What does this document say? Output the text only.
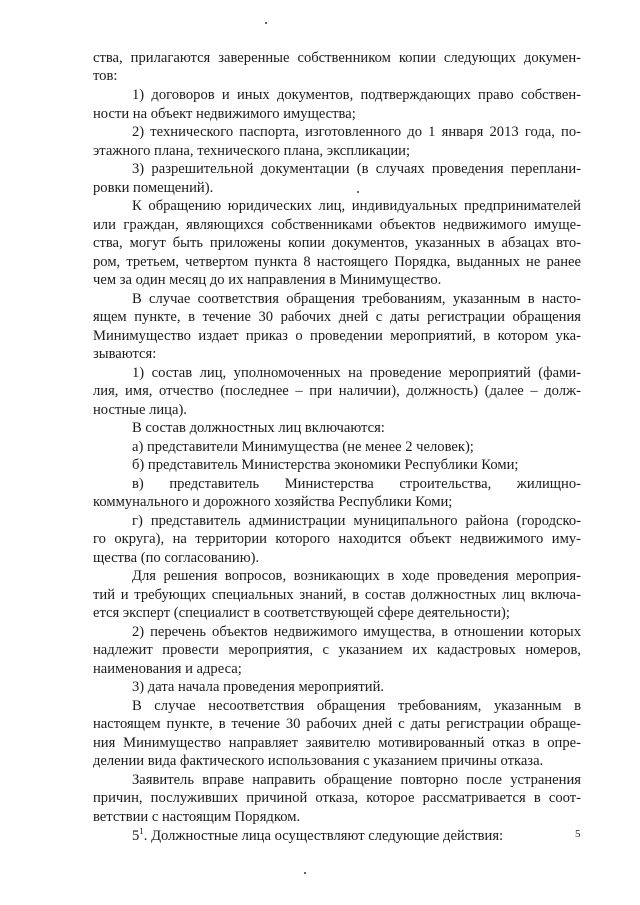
ства, прилагаются заверенные собственником копии следующих докумен-
тов:
1) договоров и иных документов, подтверждающих право собствен-
ности на объект недвижимого имущества;
2) технического паспорта, изготовленного до 1 января 2013 года, по-
этажного плана, технического плана, экспликации;
3) разрешительной документации (в случаях проведения переплани-
ровки помещений).
К обращению юридических лиц, индивидуальных предпринимателей
или граждан, являющихся собственниками объектов недвижимого имуще-
ства, могут быть приложены копии документов, указанных в абзацах вто-
ром, третьем, четвертом пункта 8 настоящего Порядка, выданных не ранее
чем за один месяц до их направления в Минимущество.
В случае соответствия обращения требованиям, указанным в насто-
ящем пункте, в течение 30 рабочих дней с даты регистрации обращения
Минимущество издает приказ о проведении мероприятий, в котором ука-
зываются:
1) состав лиц, уполномоченных на проведение мероприятий (фами-
лия, имя, отчество (последнее – при наличии), должность) (далее – долж-
ностные лица).
В состав должностных лиц включаются:
а) представители Минимущества (не менее 2 человек);
б) представитель Министерства экономики Республики Коми;
в) представитель Министерства строительства, жилищно-
коммунального и дорожного хозяйства Республики Коми;
г) представитель администрации муниципального района (городско-
го округа), на территории которого находится объект недвижимого иму-
щества (по согласованию).
Для решения вопросов, возникающих в ходе проведения мероприя-
тий и требующих специальных знаний, в состав должностных лиц включа-
ется эксперт (специалист в соответствующей сфере деятельности);
2) перечень объектов недвижимого имущества, в отношении которых
надлежит провести мероприятия, с указанием их кадастровых номеров,
наименования и адреса;
3) дата начала проведения мероприятий.
В случае несоответствия обращения требованиям, указанным в
настоящем пункте, в течение 30 рабочих дней с даты регистрации обраще-
ния Минимущество направляет заявителю мотивированный отказ в опре-
делении вида фактического использования с указанием причины отказа.
Заявитель вправе направить обращение повторно после устранения
причин, послуживших причиной отказа, которое рассматривается в соот-
ветствии с настоящим Порядком.
$5^1$. Должностные лица осуществляют следующие действия:	5
